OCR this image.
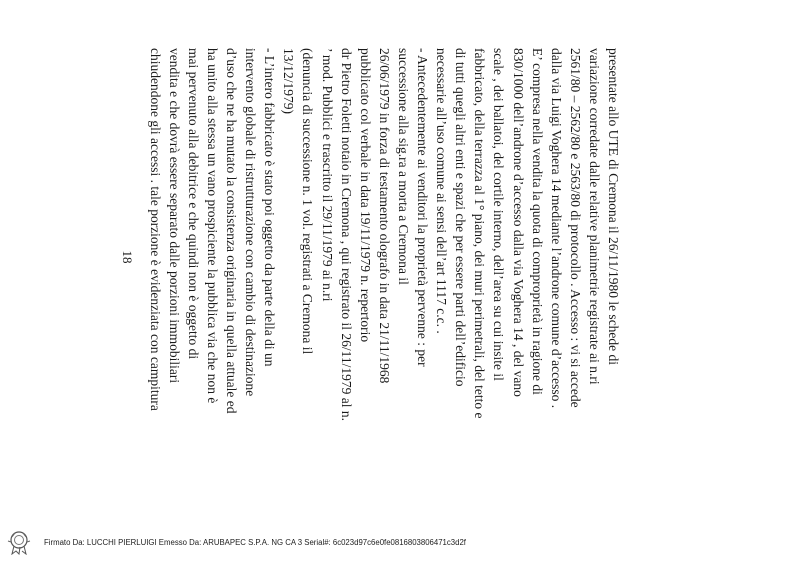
presentate allo UTE di Cremona il 26/11/1980 le schede di
variazione corredate dalle relative planimetrie registrate ai n.ri
2561/80 – 2562/80 e 2563/80 di protocollo . Accesso : vi si accede
dalla via Luigi Voghera 14 mediante l’androne comune d’accesso .
E’ compresa nella vendita la quota di comproprietà in ragione di
830/1000 dell’androne d’accesso dalla via Voghera 14 , del vano
scale , dei ballatoi, del cortile interno, dell’area su cui insite il
fabbricato, della terrazza al 1° piano, dei muri perimetrali, del tetto e
di tutti quegli altri enti e spazi che per essere parti dell’edificio
necessarie all’uso comune ai sensi dell’art 1117 c.c. .
- Antecedentemente ai venditori la proprietà pervenne : per
successione alla sig.ra a morta a Cremona il
26/06/1979 in forza di testamento olografo in data 21/11/1968
pubblicato col verbale in data 19/11/1979 n. repertorio
dr Pietro Foletti notaio in Cremona , qui registrato il 26/11/1979 al n.
’ mod. Pubblici e trascritto il 29/11/1979 ai n.ri
(denuncia di successione n. 1 vol. registrati a Cremona il
13/12/1979)
- L’intero fabbricato è stato poi oggetto da parte della di un
intervento globale di ristrutturazione con cambio di destinazione
d’uso che ne ha mutato la consistenza originaria in quella attuale ed
ha unito alla stessa un vano prospiciente la pubblica via che non è
mai pervenuto alla debitrice e che quindi non è oggetto di
vendita e che dovrà essere separato dalle porzioni immobiliari
chiudendone gli accessi . tale porzione è evidenziata con campitura
18
Firmato Da: LUCCHI PIERLUIGI Emesso Da: ARUBAPEC S.P.A. NG CA 3 Serial#: 6c023d97c6e0fe0816803806471c3d2f
